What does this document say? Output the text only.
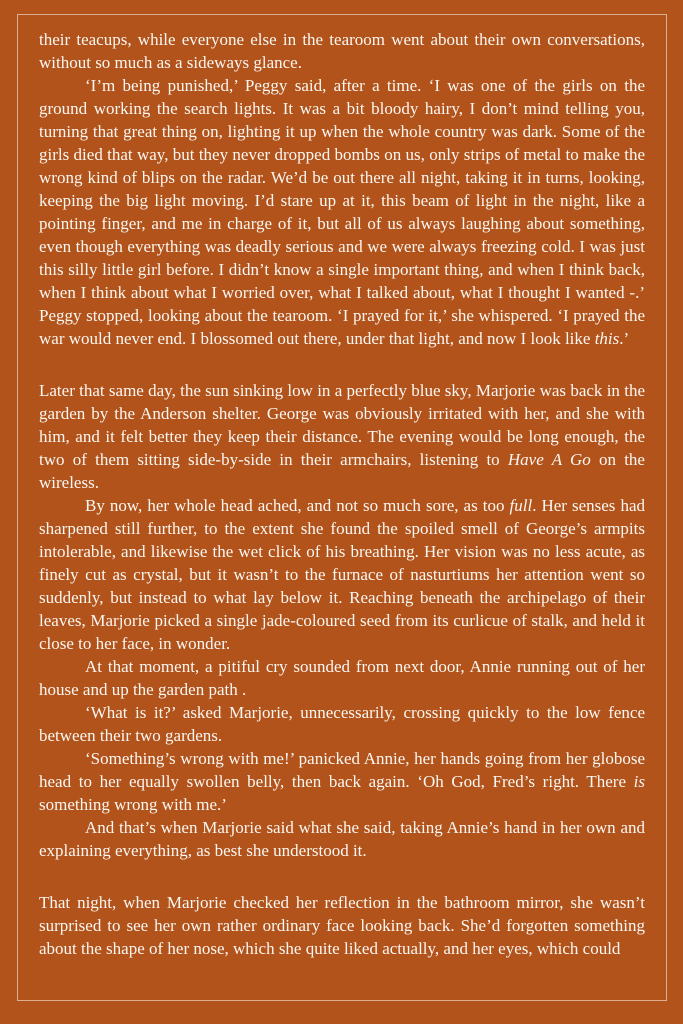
their teacups, while everyone else in the tearoom went about their own conversations, without so much as a sideways glance.

‘I’m being punished,’ Peggy said, after a time. ‘I was one of the girls on the ground working the search lights. It was a bit bloody hairy, I don’t mind telling you, turning that great thing on, lighting it up when the whole country was dark. Some of the girls died that way, but they never dropped bombs on us, only strips of metal to make the wrong kind of blips on the radar. We’d be out there all night, taking it in turns, looking, keeping the big light moving. I’d stare up at it, this beam of light in the night, like a pointing finger, and me in charge of it, but all of us always laughing about something, even though everything was deadly serious and we were always freezing cold. I was just this silly little girl before. I didn’t know a single important thing, and when I think back, when I think about what I worried over, what I talked about, what I thought I wanted -.’ Peggy stopped, looking about the tearoom. ‘I prayed for it,’ she whispered. ‘I prayed the war would never end. I blossomed out there, under that light, and now I look like this.’

Later that same day, the sun sinking low in a perfectly blue sky, Marjorie was back in the garden by the Anderson shelter. George was obviously irritated with her, and she with him, and it felt better they keep their distance. The evening would be long enough, the two of them sitting side-by-side in their armchairs, listening to Have A Go on the wireless.

By now, her whole head ached, and not so much sore, as too full. Her senses had sharpened still further, to the extent she found the spoiled smell of George’s armpits intolerable, and likewise the wet click of his breathing. Her vision was no less acute, as finely cut as crystal, but it wasn’t to the furnace of nasturtiums her attention went so suddenly, but instead to what lay below it. Reaching beneath the archipelago of their leaves, Marjorie picked a single jade-coloured seed from its curlicue of stalk, and held it close to her face, in wonder.

At that moment, a pitiful cry sounded from next door, Annie running out of her house and up the garden path .

‘What is it?’ asked Marjorie, unnecessarily, crossing quickly to the low fence between their two gardens.

‘Something’s wrong with me!’ panicked Annie, her hands going from her globose head to her equally swollen belly, then back again. ‘Oh God, Fred’s right. There is something wrong with me.’

And that’s when Marjorie said what she said, taking Annie’s hand in her own and explaining everything, as best she understood it.

That night, when Marjorie checked her reflection in the bathroom mirror, she wasn’t surprised to see her own rather ordinary face looking back. She’d forgotten something about the shape of her nose, which she quite liked actually, and her eyes, which could
